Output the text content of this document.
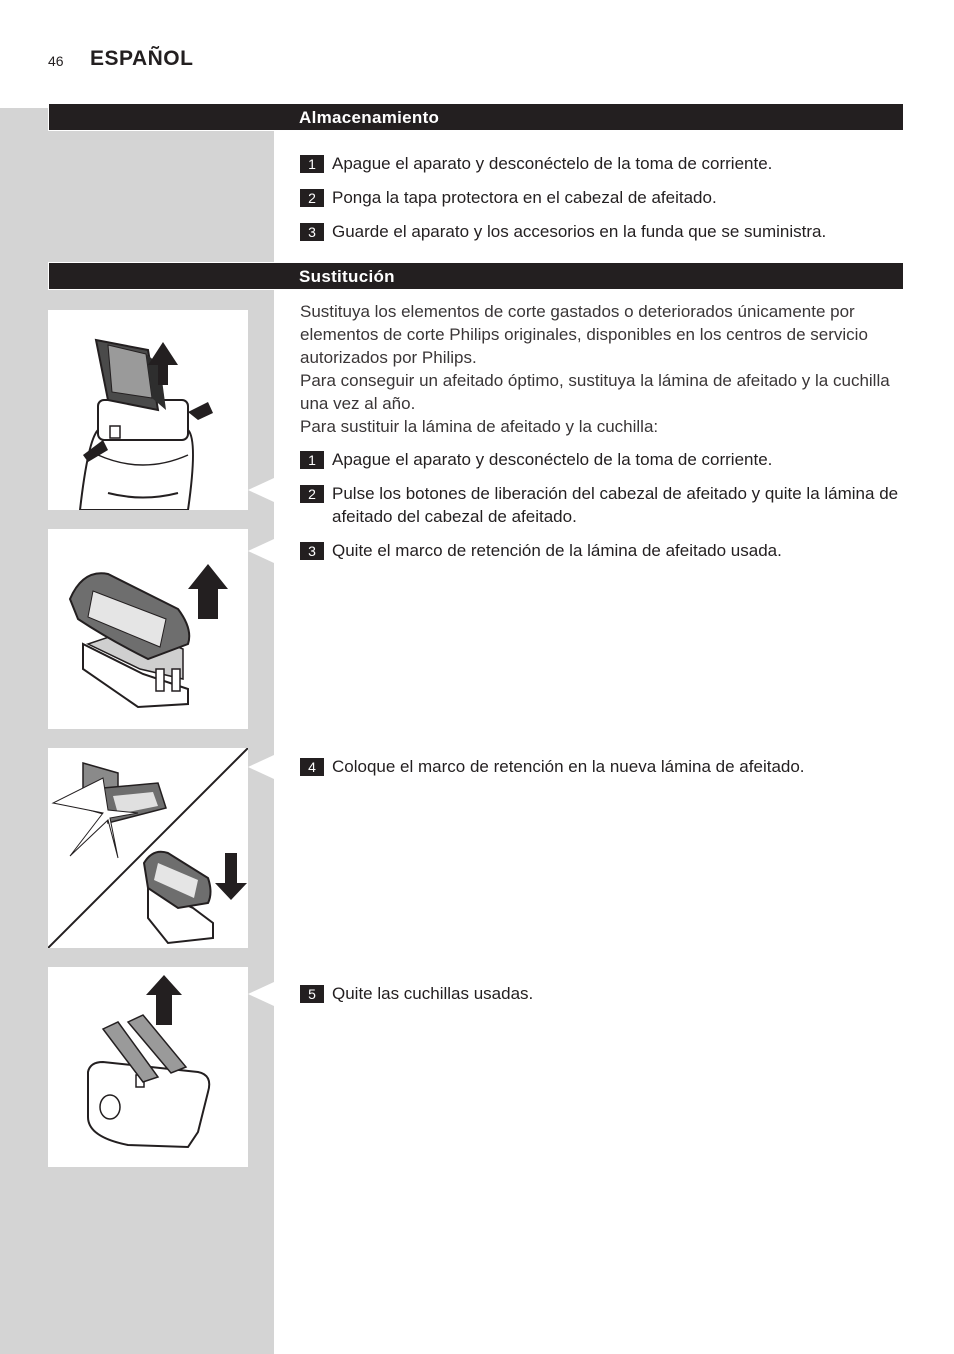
46 ESPAÑOL
Almacenamiento
1 Apague el aparato y desconéctelo de la toma de corriente.
2 Ponga la tapa protectora en el cabezal de afeitado.
3 Guarde el aparato y los accesorios en la funda que se suministra.
Sustitución

Sustituya los elementos de corte gastados o deteriorados únicamente por elementos de corte Philips originales, disponibles en los centros de servicio autorizados por Philips.

Para conseguir un afeitado óptimo, sustituya la lámina de afeitado y la cuchilla una vez al año.

Para sustituir la lámina de afeitado y la cuchilla:

1 Apague el aparato y desconéctelo de la toma de corriente.
2 Pulse los botones de liberación del cabezal de afeitado y quite la lámina de afeitado del cabezal de afeitado.
3 Quite el marco de retención de la lámina de afeitado usada.
4 Coloque el marco de retención en la nueva lámina de afeitado.
5 Quite las cuchillas usadas.
